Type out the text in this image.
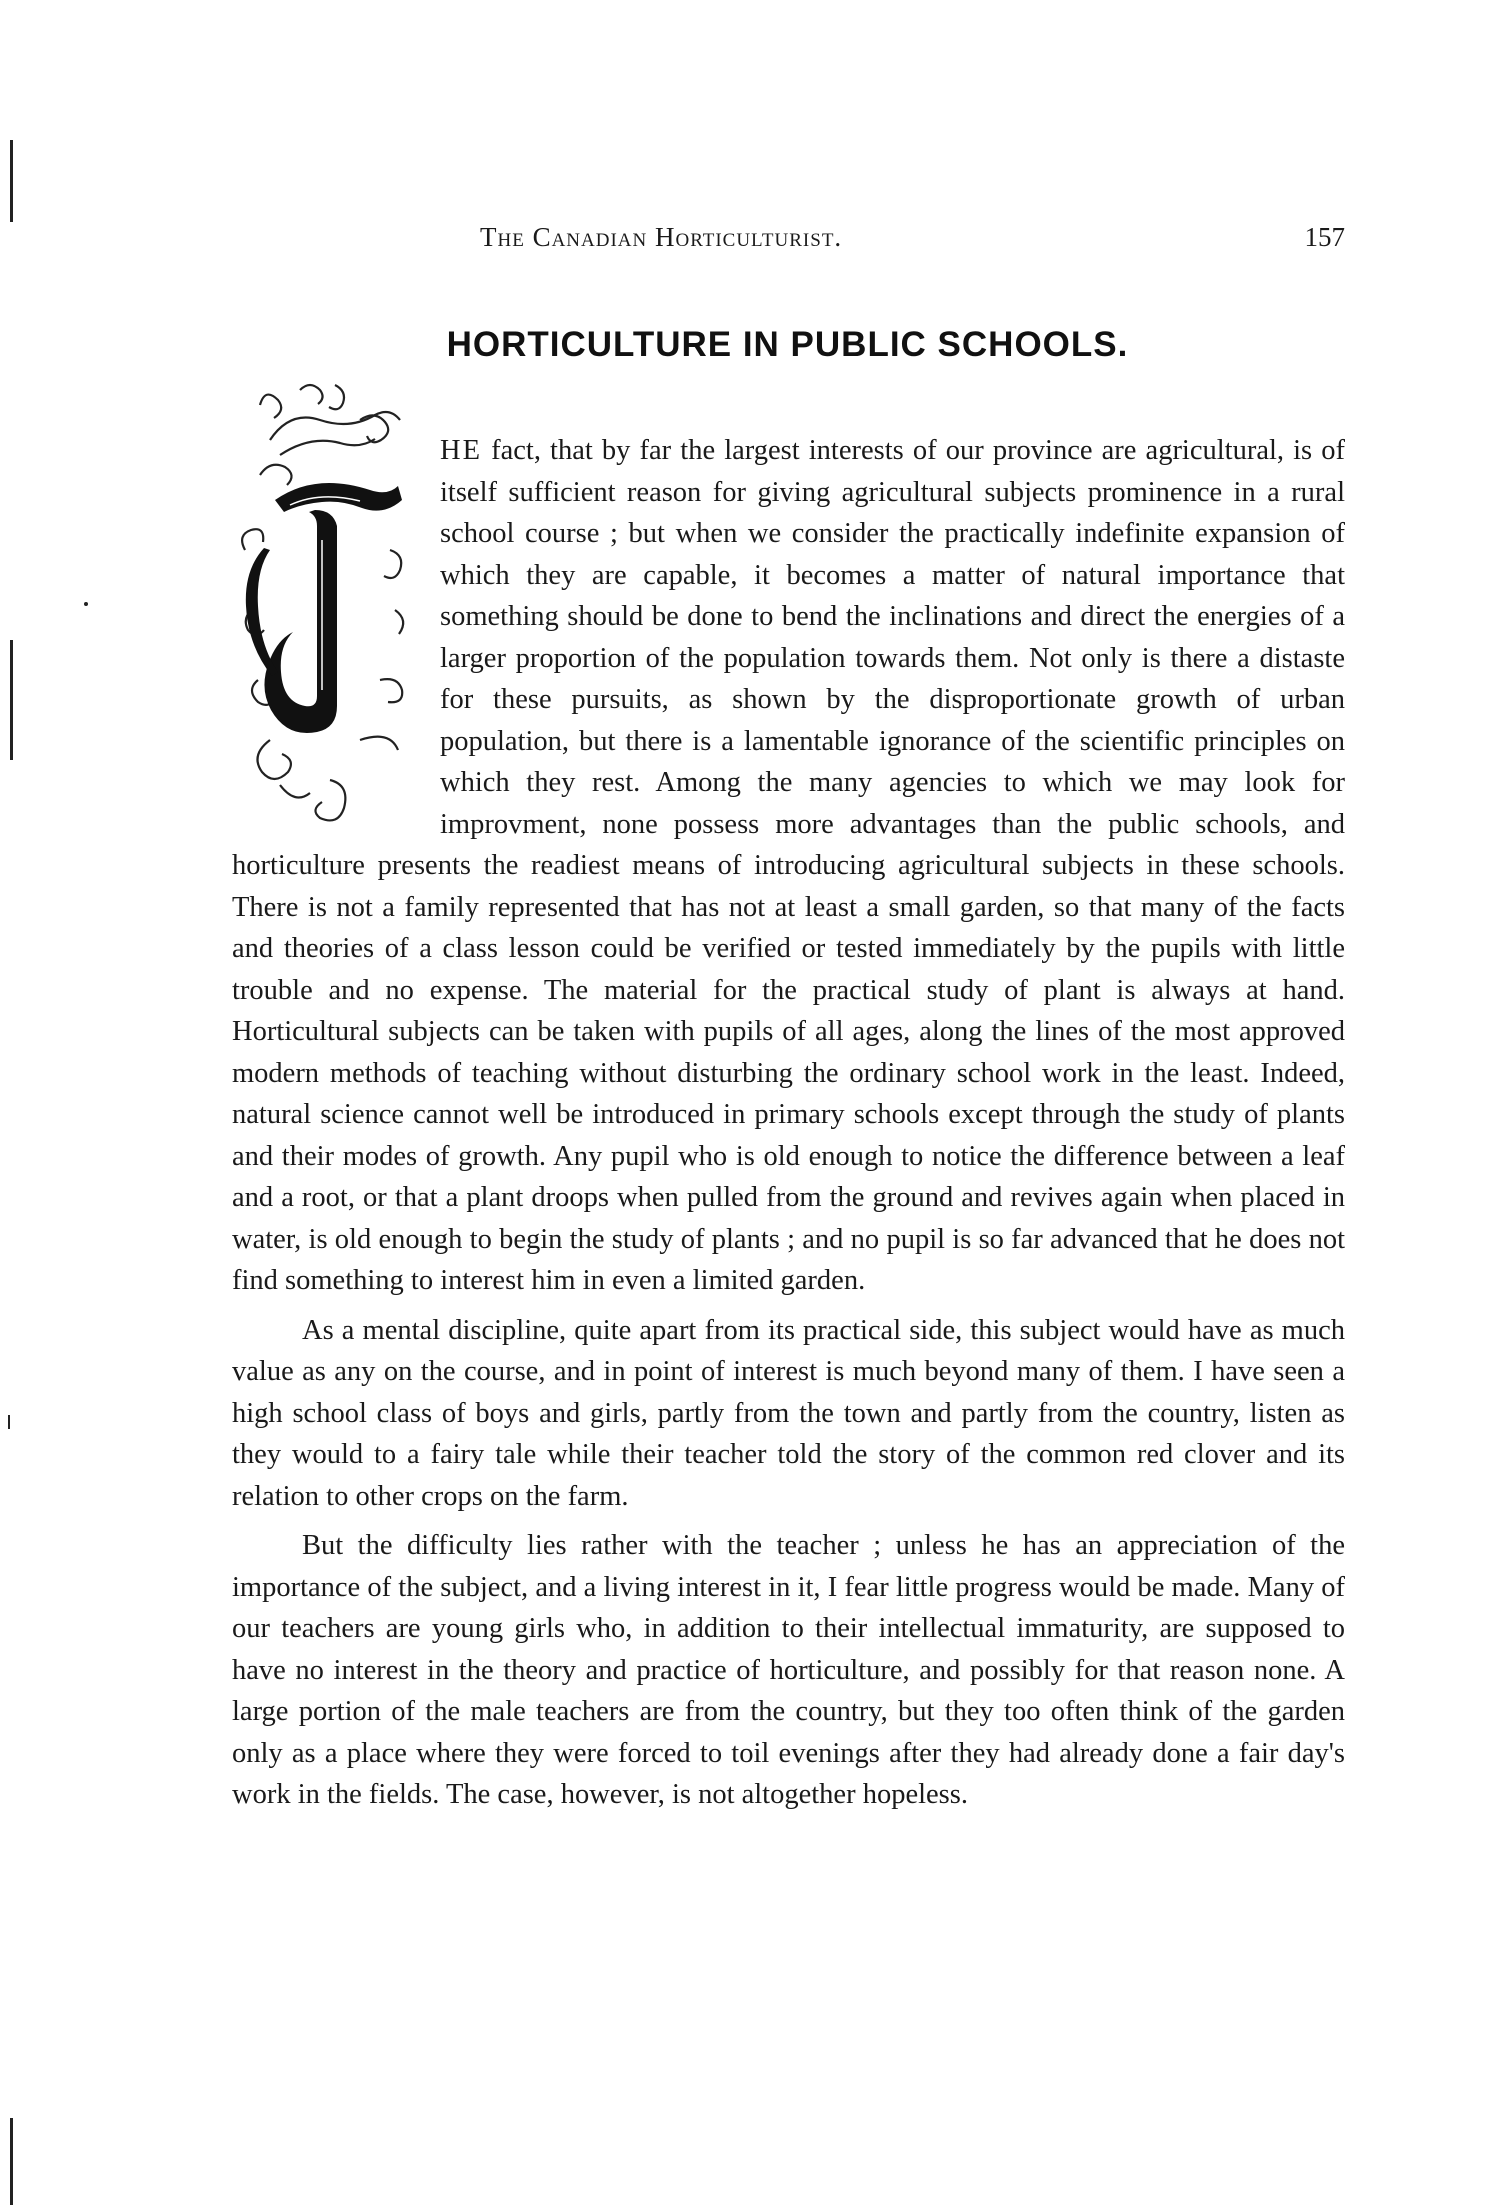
The Canadian Horticulturist.	157
HORTICULTURE IN PUBLIC SCHOOLS.

HE fact, that by far the largest interests of our province are agricultural, is of itself sufficient reason for giving agricultural subjects prominence in a rural school course ; but when we consider the practically indefinite expansion of which they are capable, it becomes a matter of natural importance that something should be done to bend the inclinations and direct the energies of a larger proportion of the population towards them. Not only is there a distaste for these pursuits, as shown by the disproportionate growth of urban population, but there is a lamentable ignorance of the scientific principles on which they rest. Among the many agencies to which we may look for improvment, none possess more advantages than the public schools, and horticulture presents the readiest means of introducing agricultural subjects in these schools. There is not a family represented that has not at least a small garden, so that many of the facts and theories of a class lesson could be verified or tested immediately by the pupils with little trouble and no expense. The material for the practical study of plant is always at hand. Horticultural subjects can be taken with pupils of all ages, along the lines of the most approved modern methods of teaching without disturbing the ordinary school work in the least. Indeed, natural science cannot well be introduced in primary schools except through the study of plants and their modes of growth. Any pupil who is old enough to notice the difference between a leaf and a root, or that a plant droops when pulled from the ground and revives again when placed in water, is old enough to begin the study of plants ; and no pupil is so far advanced that he does not find something to interest him in even a limited garden.

As a mental discipline, quite apart from its practical side, this subject would have as much value as any on the course, and in point of interest is much beyond many of them. I have seen a high school class of boys and girls, partly from the town and partly from the country, listen as they would to a fairy tale while their teacher told the story of the common red clover and its relation to other crops on the farm.

But the difficulty lies rather with the teacher ; unless he has an appreciation of the importance of the subject, and a living interest in it, I fear little progress would be made. Many of our teachers are young girls who, in addition to their intellectual immaturity, are supposed to have no interest in the theory and practice of horticulture, and possibly for that reason none. A large portion of the male teachers are from the country, but they too often think of the garden only as a place where they were forced to toil evenings after they had already done a fair day's work in the fields. The case, however, is not altogether hopeless.
